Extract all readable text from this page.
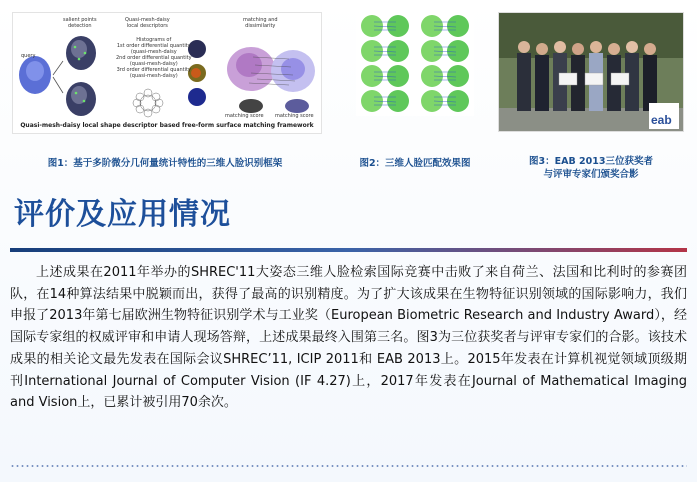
query
salient points
detection
Quasi-mesh-daisy
local descriptors
Histograms of
1st order differential quantity
(quasi-mesh-daisy
2nd order differential quantity
(quasi-mesh-daisy)
3rd order differential quantity
(quasi-mesh-daisy)
matching and
dissimilarity
matching score matching score
Quasi-mesh-daisy local shape descriptor based free-form surface matching framework	eab
图1：基于多阶微分几何量统计特性的三维人脸识别框架	图2：三维人脸匹配效果图	图3：EAB 2013三位获奖者
与评审专家们颁奖合影
评价及应用情况
上述成果在2011年举办的SHREC'11大姿态三维人脸检索国际竞赛中击败了来自荷兰、法国和比利时的参赛团队，在14种算法结果中脱颖而出，获得了最高的识别精度。为了扩大该成果在生物特征识别领域的国际影响力，我们申报了2013年第七届欧洲生物特征识别学术与工业奖（European Biometric Research and Industry Award），经国际专家组的权威评审和申请人现场答辩，上述成果最终入围第三名。图3为三位获奖者与评审专家们的合影。该技术成果的相关论文最先发表在国际会议SHREC’11, ICIP 2011和 EAB 2013上。2015年发表在计算机视觉领域顶级期刊International Journal of Computer Vision (IF 4.27)上，2017年发表在Journal of Mathematical Imaging and Vision上，已累计被引用70余次。
